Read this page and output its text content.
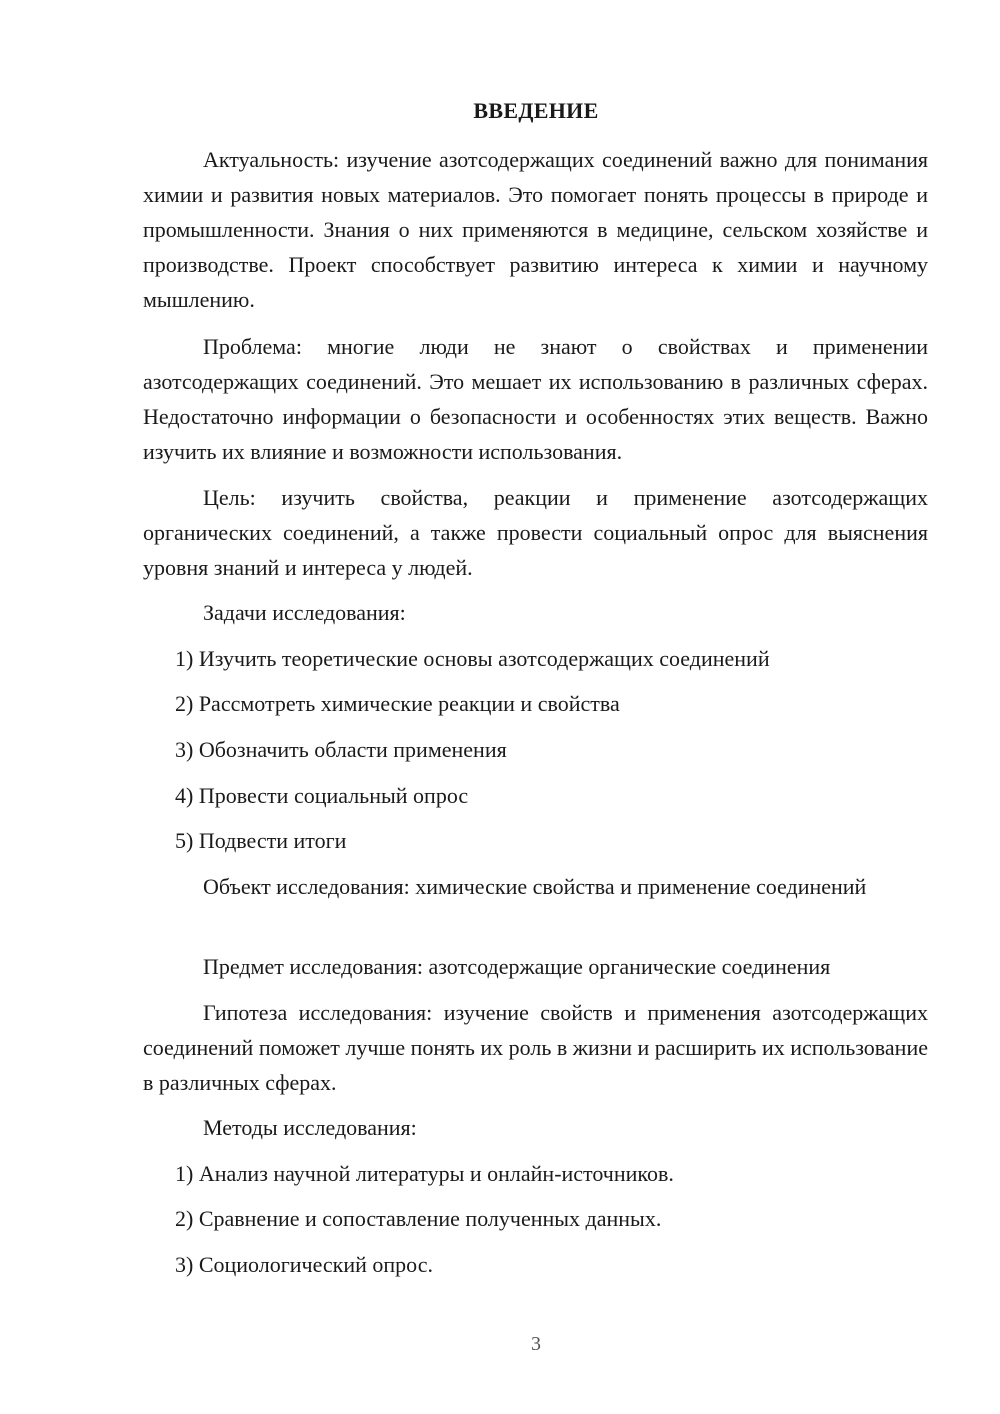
ВВЕДЕНИЕ

Актуальность: изучение азотсодержащих соединений важно для понимания химии и развития новых материалов. Это помогает понять процессы в природе и промышленности. Знания о них применяются в медицине, сельском хозяйстве и производстве. Проект способствует развитию интереса к химии и научному мышлению.

Проблема: многие люди не знают о свойствах и применении азотсодержащих соединений. Это мешает их использованию в различных сферах. Недостаточно информации о безопасности и особенностях этих веществ. Важно изучить их влияние и возможности использования.

Цель: изучить свойства, реакции и применение азотсодержащих органических соединений, а также провести социальный опрос для выяснения уровня знаний и интереса у людей.

Задачи исследования:

1) Изучить теоретические основы азотсодержащих соединений

2) Рассмотреть химические реакции и свойства

3) Обозначить области применения

4) Провести социальный опрос

5) Подвести итоги

Объект исследования: химические свойства и применение соединений

Предмет исследования: азотсодержащие органические соединения

Гипотеза исследования: изучение свойств и применения азотсодержащих соединений поможет лучше понять их роль в жизни и расширить их использование в различных сферах.

Методы исследования:

1) Анализ научной литературы и онлайн-источников.

2) Сравнение и сопоставление полученных данных.

3) Социологический опрос.

3
